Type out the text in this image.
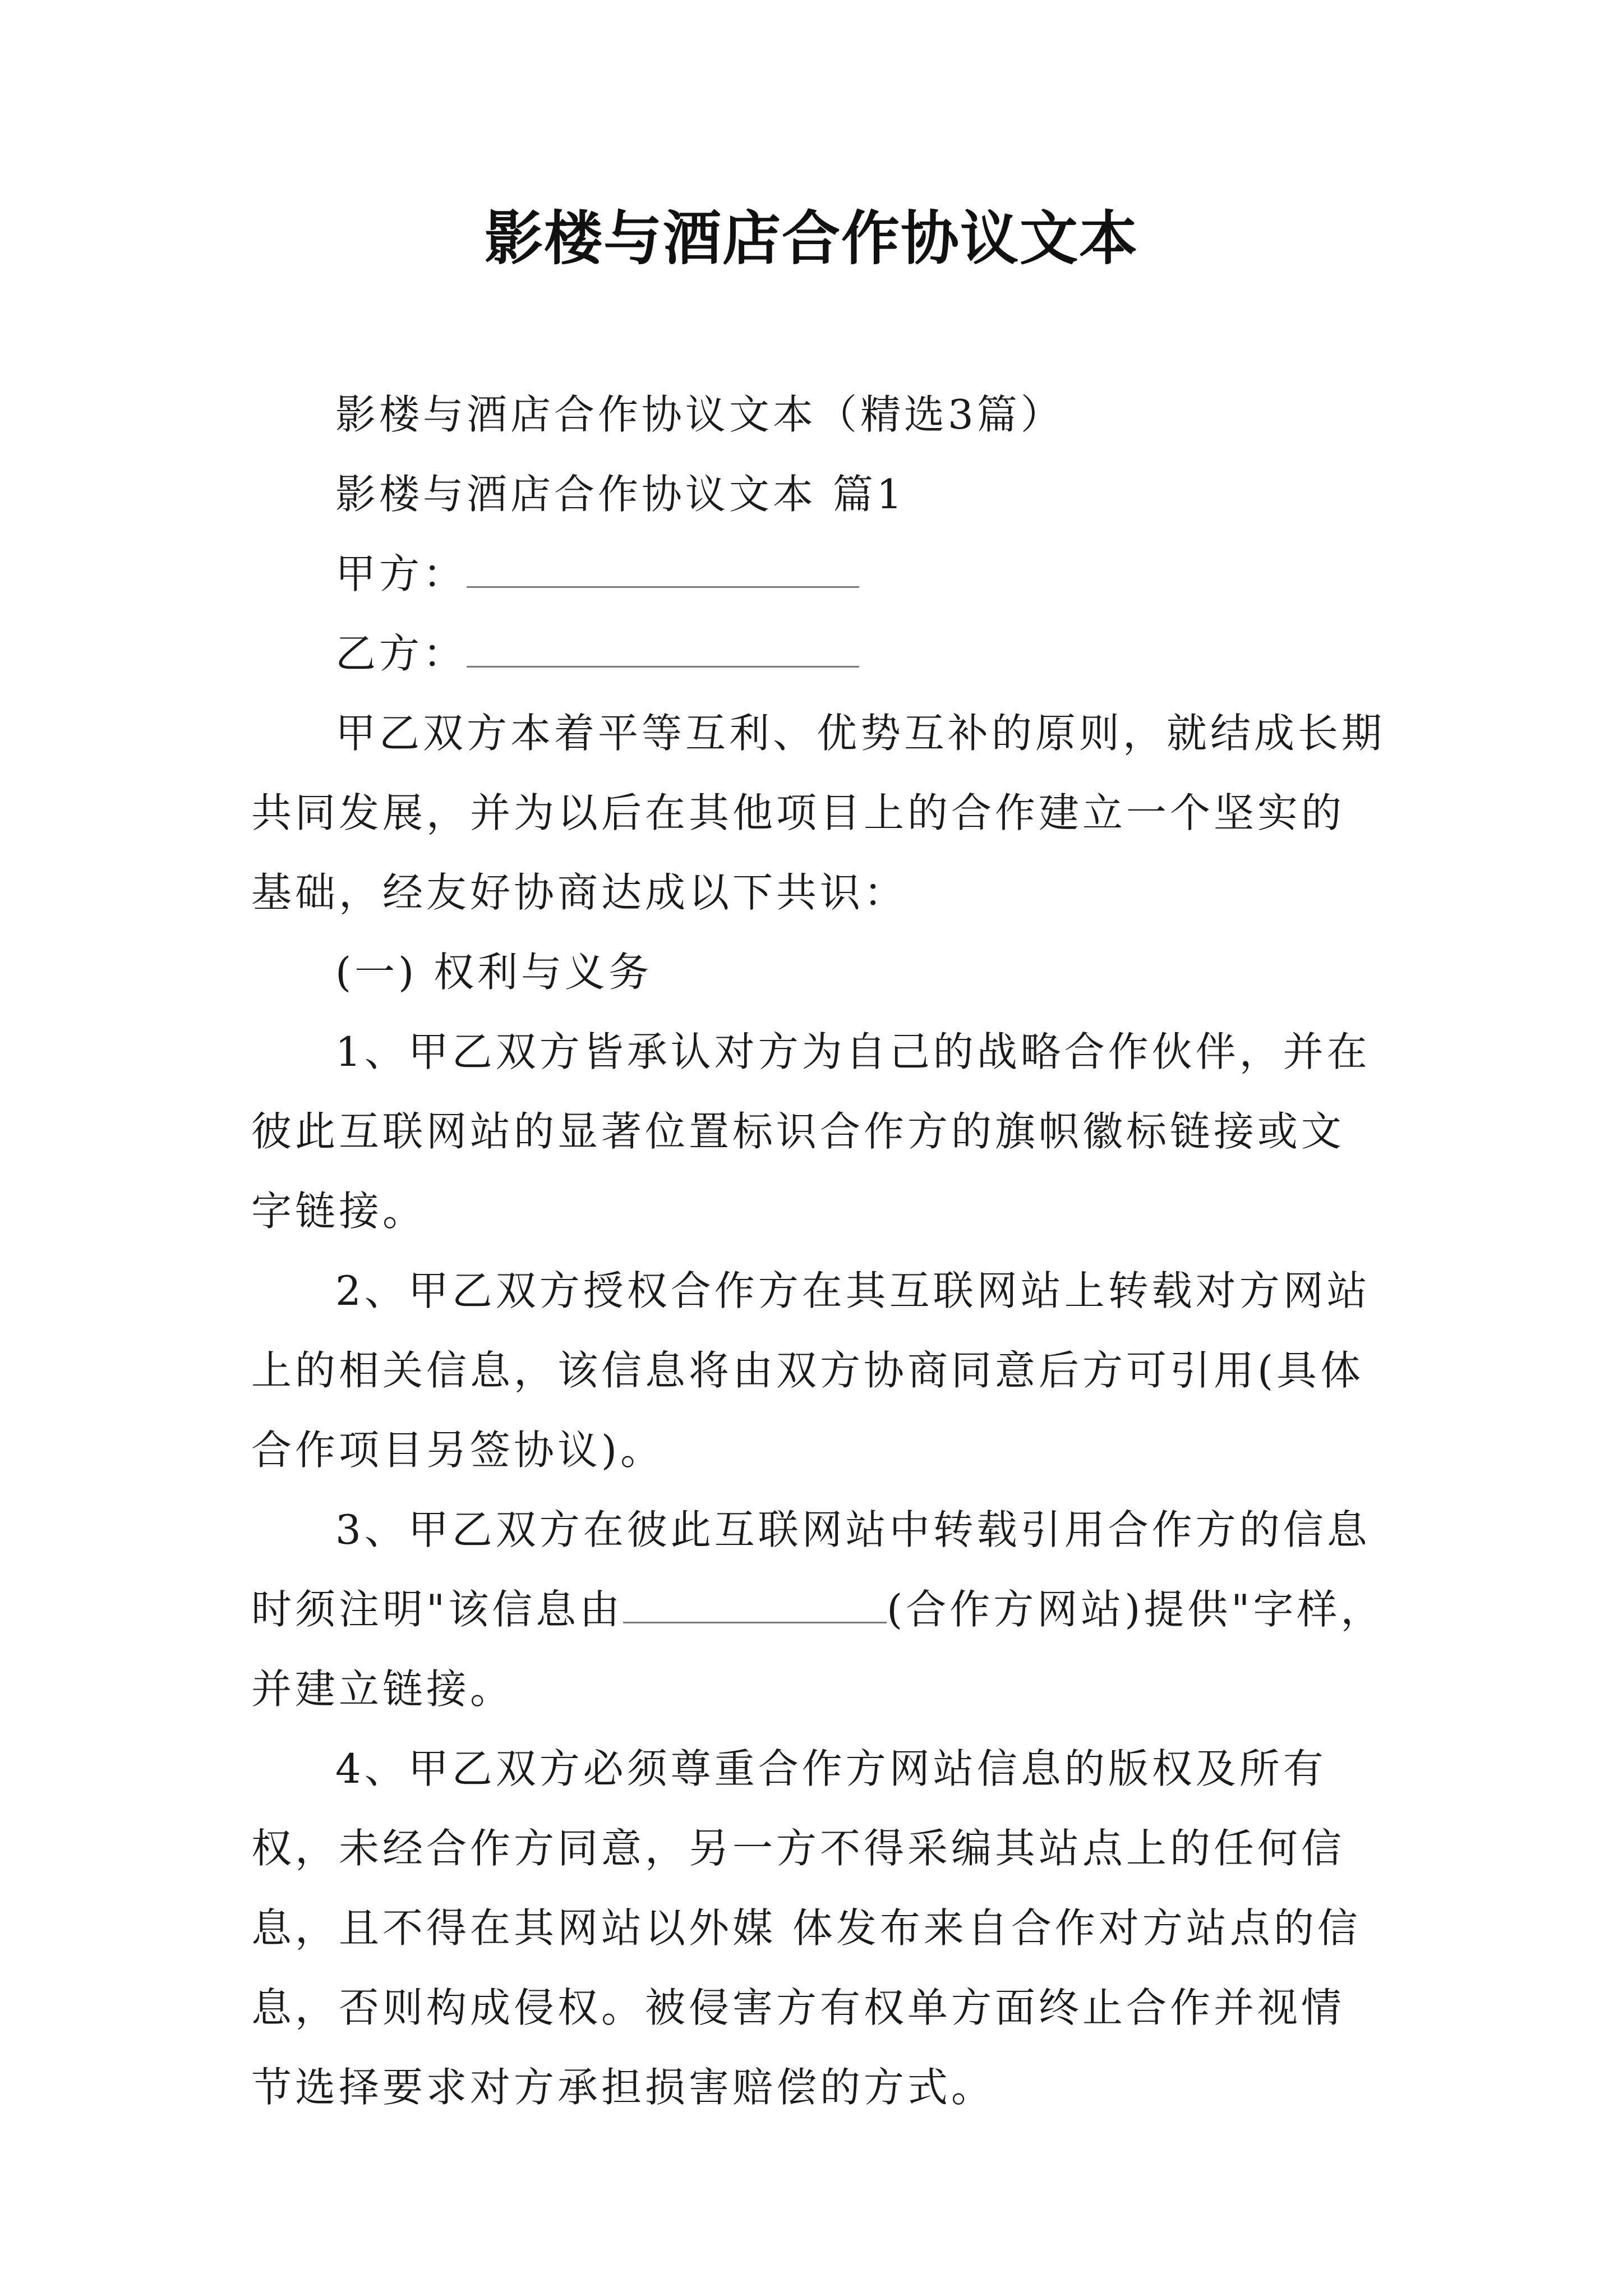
影楼与酒店合作协议文本

影楼与酒店合作协议文本（精选3篇）

影楼与酒店合作协议文本 篇1

甲方：

乙方：

甲乙双方本着平等互利、优势互补的原则，就结成长期共同发展，并为以后在其他项目上的合作建立一个坚实的基础，经友好协商达成以下共识：

(一) 权利与义务

1、甲乙双方皆承认对方为自己的战略合作伙伴，并在彼此互联网站的显著位置标识合作方的旗帜徽标链接或文字链接。

2、甲乙双方授权合作方在其互联网站上转载对方网站上的相关信息，该信息将由双方协商同意后方可引用(具体合作项目另签协议)。

3、甲乙双方在彼此互联网站中转载引用合作方的信息时须注明"该信息由	(合作方网站)提供"字样，并建立链接。

4、甲乙双方必须尊重合作方网站信息的版权及所有权，未经合作方同意，另一方不得采编其站点上的任何信息，且不得在其网站以外媒 体发布来自合作对方站点的信息，否则构成侵权。被侵害方有权单方面终止合作并视情节选择要求对方承担损害赔偿的方式。
